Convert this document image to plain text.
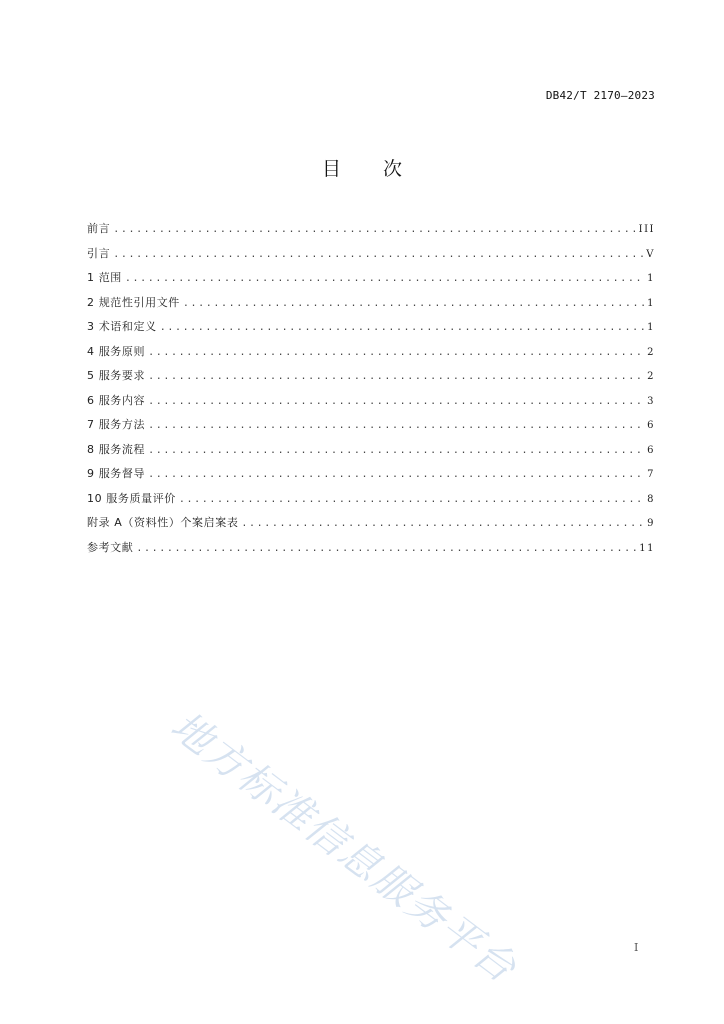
DB42/T 2170—2023
目 次
前言 .....	III
引言 .....	V
1 范围 .....	1
2 规范性引用文件 .....	1
3 术语和定义 .....	1
4 服务原则 .....	2
5 服务要求 .....	2
6 服务内容 .....	3
7 服务方法 .....	6
8 服务流程 .....	6
9 服务督导 .....	7
10 服务质量评价 .....	8
附录 A（资料性）个案启案表 .....	9
参考文献 .....	11
地方标准信息服务平台	I
